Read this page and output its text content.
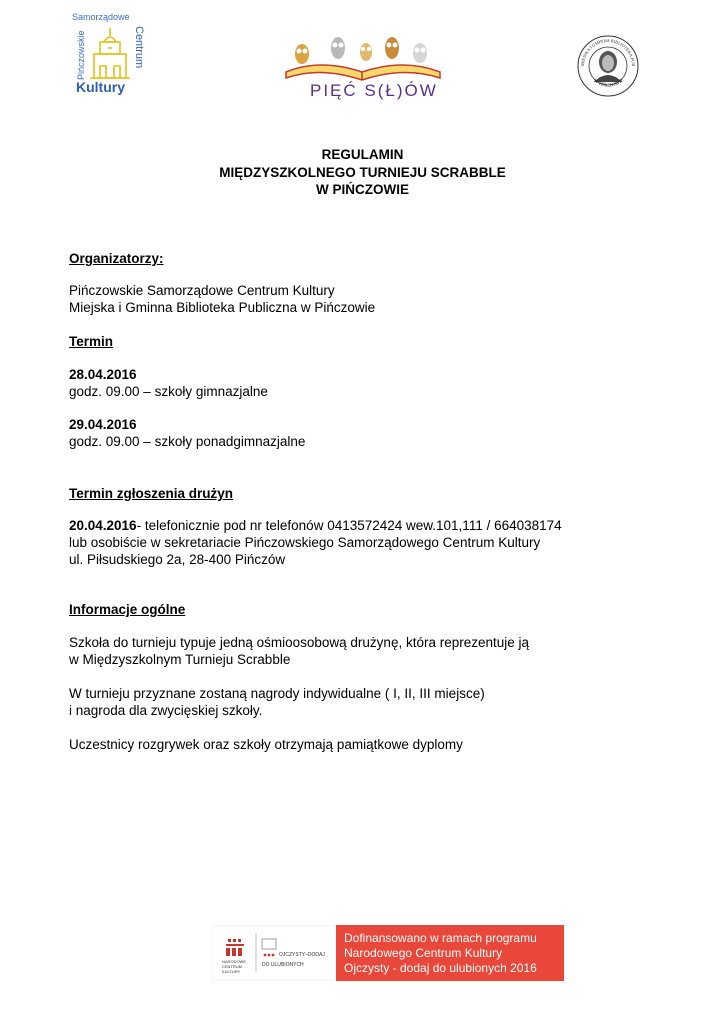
Samorządowe
Centrum
Pińczowskie
Kultury	PIĘĆ S(Ł)ÓW
MIEJSKA I GMINNA BIBLIOTEKA PUB
W PIŃCZOWIE
REGULAMIN
MIĘDZYSZKOLNEGO TURNIEJU SCRABBLE
W PIŃCZOWIE
Organizatorzy:
Pińczowskie Samorządowe Centrum Kultury
Miejska i Gminna Biblioteka Publiczna w Pińczowie
Termin
28.04.2016
godz. 09.00 – szkoły gimnazjalne
29.04.2016
godz. 09.00 – szkoły ponadgimnazjalne
Termin zgłoszenia drużyn
20.04.2016- telefonicznie pod nr telefonów 0413572424 wew.101,111 / 664038174
lub osobiście w sekretariacie Pińczowskiego Samorządowego Centrum Kultury
ul. Piłsudskiego 2a, 28-400 Pińczów
Informacje ogólne
Szkoła do turnieju typuje jedną ośmioosobową drużynę, która reprezentuje ją
w Międzyszkolnym Turnieju Scrabble
W turnieju przyznane zostaną nagrody indywidualne ( I, II, III miejsce)
i nagroda dla zwycięskiej szkoły.
Uczestnicy rozgrywek oraz szkoły otrzymają pamiątkowe dyplomy
NARODOWE
CENTRUM
KULTURY
OJCZYSTY–DODAJ
DO ULUBIONYCH
Dofinansowano w ramach programu
Narodowego Centrum Kultury
Ojczysty - dodaj do ulubionych 2016
